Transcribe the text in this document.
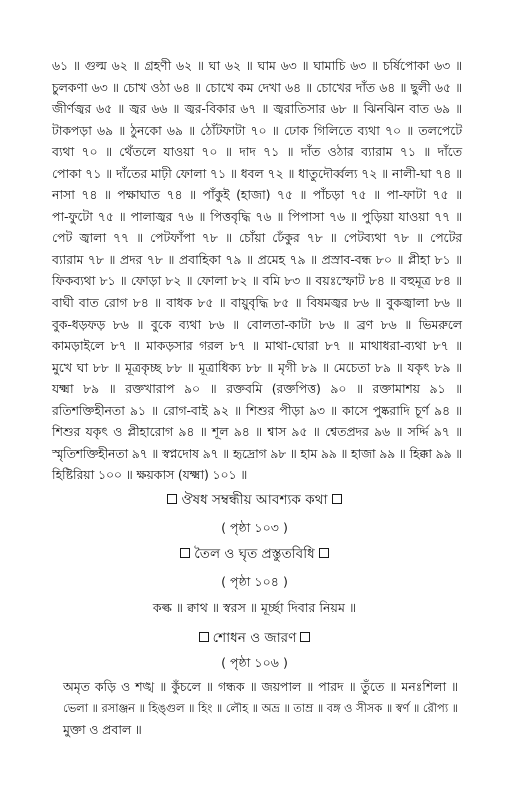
৬১ ॥ গুল্ম ৬২ ॥ গ্রহণী ৬২ ॥ ঘা ৬২ ॥ ঘাম ৬৩ ॥ ঘামাচি ৬৩ ॥ চর্ষিপোকা ৬৩ ॥
চুলকণা ৬৩ ॥ চোখ ওঠা ৬৪ ॥ চোখে কম দেখা ৬৪ ॥ চোখের দাঁত ৬৪ ॥ ছুলী ৬৫ ॥
জীর্ণজ্বর ৬৫ ॥ জ্বর ৬৬ ॥ জ্বর-বিকার ৬৭ ॥ জ্বরাতিসার ৬৮ ॥ ঝিনঝিন বাত ৬৯ ॥
টাকপড়া ৬৯ ॥ ঠুনকো ৬৯ ॥ ঠোঁটফাটা ৭০ ॥ ঢোক গিলিতে ব্যথা ৭০ ॥ তলপেটে
ব্যথা ৭০ ॥ থেঁতলে যাওয়া ৭০ ॥ দাদ ৭১ ॥ দাঁত ওঠার ব্যারাম ৭১ ॥ দাঁতে
পোকা ৭১ ॥ দাঁতের মাঢ়ী ফোলা ৭১ ॥ ধবল ৭২ ॥ ধাতুদৌর্ব্বল্য ৭২ ॥ নালী-ঘা ৭৪ ॥
নাসা ৭৪ ॥ পক্ষাঘাত ৭৪ ॥ পাঁকুই (হাজা) ৭৫ ॥ পাঁচড়া ৭৫ ॥ পা-ফাটা ৭৫ ॥
পা-ফুটো ৭৫ ॥ পালাজ্বর ৭৬ ॥ পিত্তবৃদ্ধি ৭৬ ॥ পিপাসা ৭৬ ॥ পুড়িয়া যাওয়া ৭৭ ॥
পেট জ্বালা ৭৭ ॥ পেটফাঁপা ৭৮ ॥ চোঁয়া ঢেঁকুর ৭৮ ॥ পেটব্যথা ৭৮ ॥ পেটের
ব্যারাম ৭৮ ॥ প্রদর ৭৮ ॥ প্রবাহিকা ৭৯ ॥ প্রমেহ ৭৯ ॥ প্রস্রাব-বন্ধ ৮০ ॥ প্লীহা ৮১ ॥
ফিকব্যথা ৮১ ॥ ফোড়া ৮২ ॥ ফোলা ৮২ ॥ বমি ৮৩ ॥ বয়ঃস্ফোট ৮৪ ॥ বহুমূত্র ৮৪ ॥
বাঘী বাত রোগ ৮৪ ॥ বাধক ৮৫ ॥ বায়ুবৃদ্ধি ৮৫ ॥ বিষমজ্বর ৮৬ ॥ বুকজ্বালা ৮৬ ॥
বুক-ধড়ফড় ৮৬ ॥ বুকে ব্যথা ৮৬ ॥ বোলতা-কাটা ৮৬ ॥ ব্রণ ৮৬ ॥ ভিমরুলে
কামড়াইলে ৮৭ ॥ মাকড়সার গরল ৮৭ ॥ মাথা-ঘোরা ৮৭ ॥ মাথাধরা-ব্যথা ৮৭ ॥
মুখে ঘা ৮৮ ॥ মূত্রকৃচ্ছ ৮৮ ॥ মূত্রাধিক্য ৮৮ ॥ মৃগী ৮৯ ॥ মেচেতা ৮৯ ॥ যকৃৎ ৮৯ ॥
যক্ষ্মা ৮৯ ॥ রক্তখারাপ ৯০ ॥ রক্তবমি (রক্তপিত্ত) ৯০ ॥ রক্তামাশয় ৯১ ॥
রতিশক্তিহীনতা ৯১ ॥ রোগ-বাই ৯২ ॥ শিশুর পীড়া ৯৩ ॥ কাসে পুষ্করাদি চূর্ণ ৯৪ ॥
শিশুর যকৃৎ ও প্লীহারোগ ৯৪ ॥ শূল ৯৪ ॥ শ্বাস ৯৫ ॥ শ্বেতপ্রদর ৯৬ ॥ সর্দ্দি ৯৭ ॥
স্মৃতিশক্তিহীনতা ৯৭ ॥ স্বপ্নদোষ ৯৭ ॥ হৃদ্রোগ ৯৮ ॥ হাম ৯৯ ॥ হাজা ৯৯ ॥ হিক্কা ৯৯ ॥
হিষ্টিরিয়া ১০০ ॥ ক্ষয়কাস (যক্ষ্মা) ১০১ ॥
ঔষধ সম্বন্ধীয় আবশ্যক কথা
( পৃষ্ঠা ১০৩ )
তৈল ও ঘৃত প্রস্তুতবিধি
( পৃষ্ঠা ১০৪ )
কল্ক ॥ ক্বাথ ॥ স্বরস ॥ মূর্চ্ছা দিবার নিয়ম ॥
শোধন ও জারণ
( পৃষ্ঠা ১০৬ )
অমৃত কড়ি ও শঙ্খ ॥ কুঁচলে ॥ গন্ধক ॥ জয়পাল ॥ পারদ ॥ তুঁতে ॥ মনঃশিলা ॥
ভেলা ॥ রসাঞ্জন ॥ হিঙ্গুল ॥ হিং ॥ লৌহ ॥ অভ্র ॥ তাম্র ॥ বঙ্গ ও সীসক ॥ স্বর্ণ ॥ রৌপ্য ॥
মুক্তা ও প্রবাল ॥
